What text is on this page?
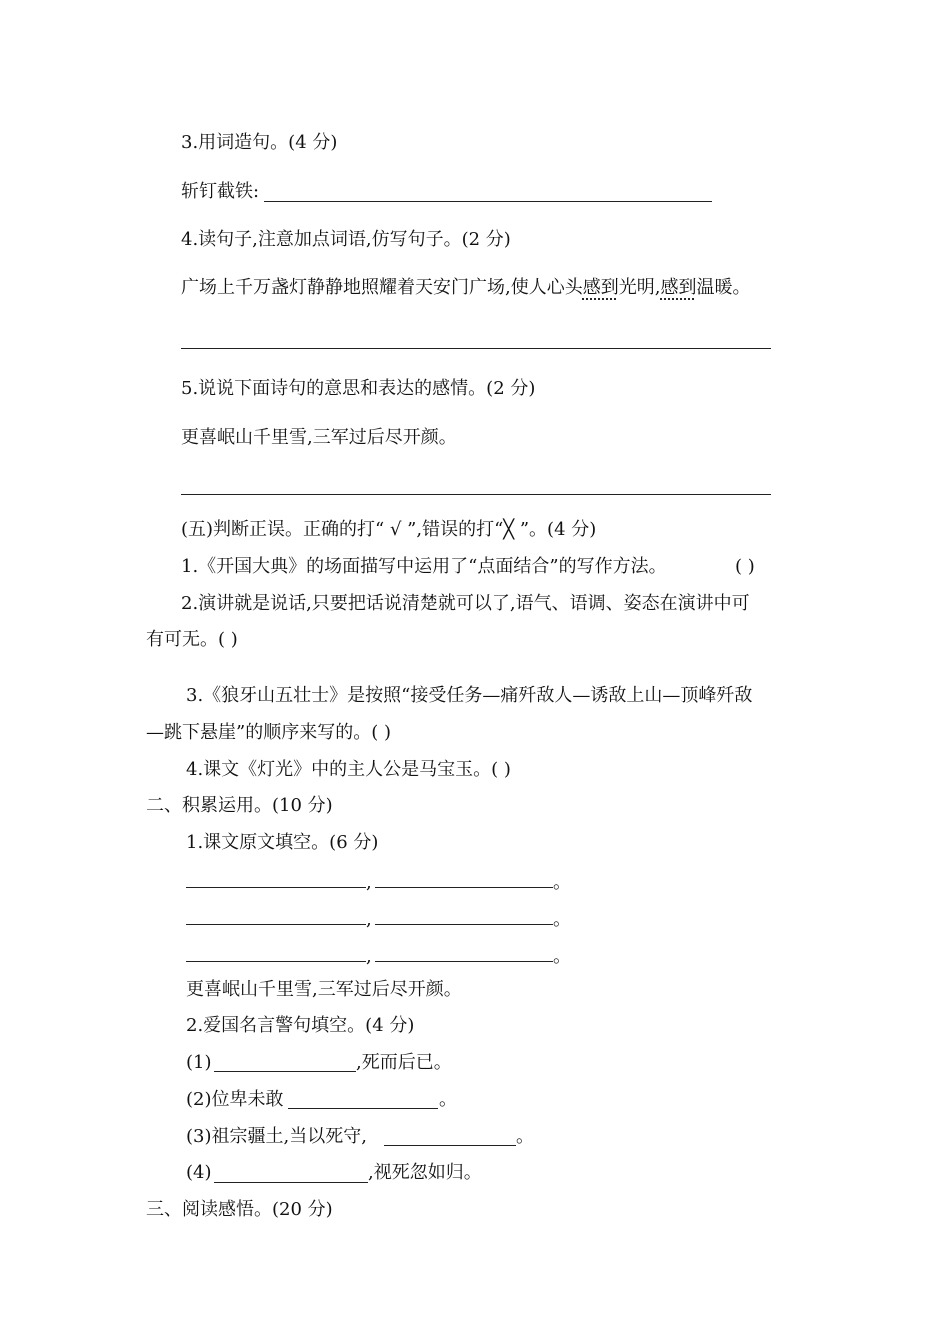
3.用词造句。(4 分)
斩钉截铁:
4.读句子,注意加点词语,仿写句子。(2 分)
广场上千万盏灯静静地照耀着天安门广场,使人心头感到光明,感到温暖。
5.说说下面诗句的意思和表达的感情。(2 分)
更喜岷山千里雪,三军过后尽开颜。
(五)判断正误。正确的打“ √ ”,错误的打“╳ ”。(4 分)
1.《开国大典》的场面描写中运用了“点面结合”的写作方法。	( )
2.演讲就是说话,只要把话说清楚就可以了,语气、语调、姿态在演讲中可
有可无。( )
3.《狼牙山五壮士》是按照“接受任务—痛歼敌人—诱敌上山—顶峰歼敌
—跳下悬崖”的顺序来写的。( )
4.课文《灯光》中的主人公是马宝玉。( )
二、积累运用。(10 分)
1.课文原文填空。(6 分)
,	。
,	。
,	。
更喜岷山千里雪,三军过后尽开颜。
2.爱国名言警句填空。(4 分)
(1)	,死而后已。
(2)位卑未敢	。
(3)祖宗疆土,当以死守,	。
(4)	,视死忽如归。
三、阅读感悟。(20 分)
